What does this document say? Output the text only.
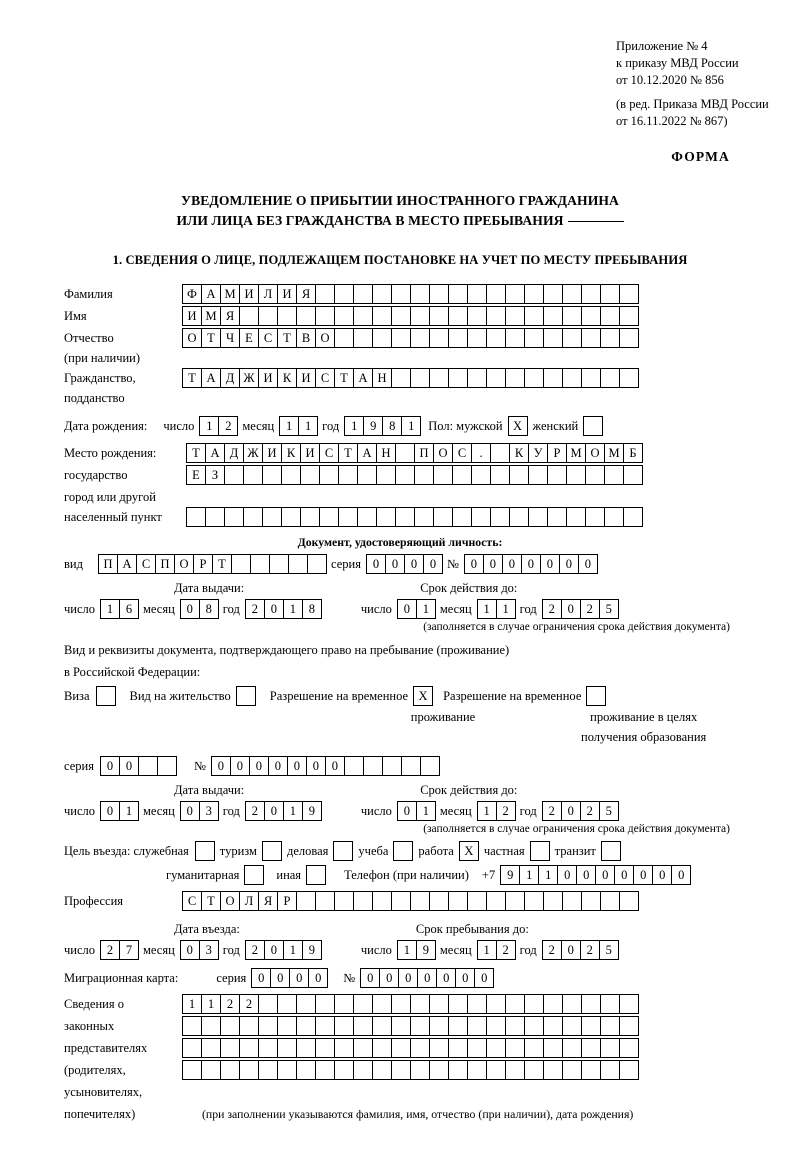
Приложение № 4
к приказу МВД России
от 10.12.2020 № 856
(в ред. Приказа МВД России
от 16.11.2022 № 867)
ФОРМА
УВЕДОМЛЕНИЕ О ПРИБЫТИИ ИНОСТРАННОГО ГРАЖДАНИНА
ИЛИ ЛИЦА БЕЗ ГРАЖДАНСТВА В МЕСТО ПРЕБЫВАНИЯ
1. СВЕДЕНИЯ О ЛИЦЕ, ПОДЛЕЖАЩЕМ ПОСТАНОВКЕ НА УЧЕТ ПО МЕСТУ ПРЕБЫВАНИЯ
Фамилия	Ф А М И Л И Я
Имя	И М Я
Отчество	О Т Ч Е С Т В О
(при наличии)
Гражданство,	Т А Д Ж И К И С Т А Н
подданство
Дата рождения:	число 1	2 месяц 1	1 год 1	9	8	1	Пол: мужской X женский
Место рождения:	Т А Д Ж И К И С Т А Н	П О С	.	К У Р М О М Б
государство	Е З
город или другой
населенный пункт
Документ, удостоверяющий личность:
вид	П А С П О Р Т	серия 0	0	0	0 № 0	0	0	0	0	0	0
Дата выдачи:	Срок действия до:
число 1	6 месяц 0	8 год 2	0	1	8	число 0	1 месяц 1	1 год 2	0	2	5
(заполняется в случае ограничения срока действия документа)
Вид и реквизиты документа, подтверждающего право на пребывание (проживание)
в Российской Федерации:
Виза	Вид на жительство	Разрешение на временное X	Разрешение на временное
проживание	проживание в целях
получения образования
серия	0	0	№ 0	0	0	0	0	0	0
Дата выдачи:	Срок действия до:
число 0	1 месяц 0	3 год 2	0	1	9	число 0	1 месяц 1	2 год 2	0	2	5
(заполняется в случае ограничения срока действия документа)
Цель въезда: служебная	туризм	деловая	учеба	работа X частная	транзит
гуманитарная	иная	Телефон (при наличии)	+7 9	1	1	0	0	0	0	0	0	0
Профессия	С Т О Л Я Р
Дата въезда:	Срок пребывания до:
число 2	7 месяц 0	3 год 2	0	1	9	число 1	9 месяц 1	2 год 2	0	2	5
Миграционная карта:	серия 0	0	0	0	№ 0	0	0	0	0	0	0
Сведения о	1	1	2	2
законных
представителях
(родителях,
усыновителях,
попечителях)	(при заполнении указываются фамилия, имя, отчество (при наличии), дата рождения)
